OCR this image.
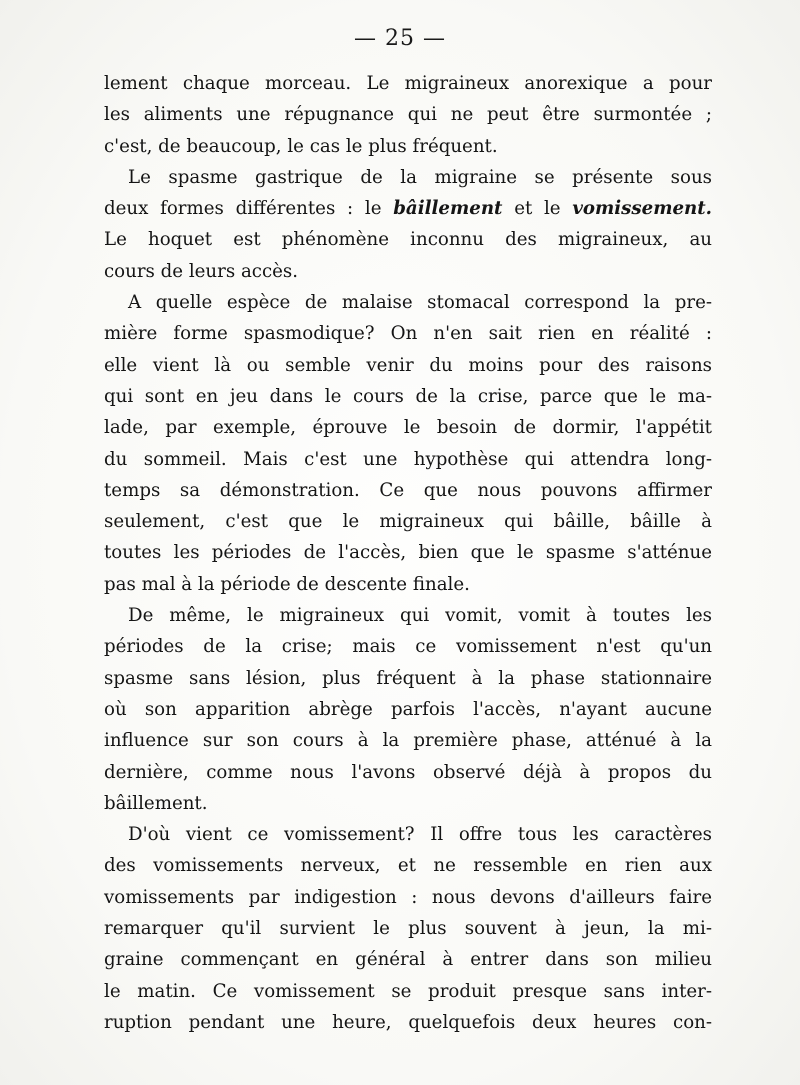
— 25 —
lement chaque morceau. Le migraineux anorexique a pour
les aliments une répugnance qui ne peut être surmontée ;
c'est, de beaucoup, le cas le plus fréquent.
Le spasme gastrique de la migraine se présente sous
deux formes différentes : le bâillement et le vomissement.
Le hoquet est phénomène inconnu des migraineux, au
cours de leurs accès.
A quelle espèce de malaise stomacal correspond la pre-
mière forme spasmodique? On n'en sait rien en réalité :
elle vient là ou semble venir du moins pour des raisons
qui sont en jeu dans le cours de la crise, parce que le ma-
lade, par exemple, éprouve le besoin de dormir, l'appétit
du sommeil. Mais c'est une hypothèse qui attendra long-
temps sa démonstration. Ce que nous pouvons affirmer
seulement, c'est que le migraineux qui bâille, bâille à
toutes les périodes de l'accès, bien que le spasme s'atténue
pas mal à la période de descente finale.
De même, le migraineux qui vomit, vomit à toutes les
périodes de la crise; mais ce vomissement n'est qu'un
spasme sans lésion, plus fréquent à la phase stationnaire
où son apparition abrège parfois l'accès, n'ayant aucune
influence sur son cours à la première phase, atténué à la
dernière, comme nous l'avons observé déjà à propos du
bâillement.
D'où vient ce vomissement? Il offre tous les caractères
des vomissements nerveux, et ne ressemble en rien aux
vomissements par indigestion : nous devons d'ailleurs faire
remarquer qu'il survient le plus souvent à jeun, la mi-
graine commençant en général à entrer dans son milieu
le matin. Ce vomissement se produit presque sans inter-
ruption pendant une heure, quelquefois deux heures con-
